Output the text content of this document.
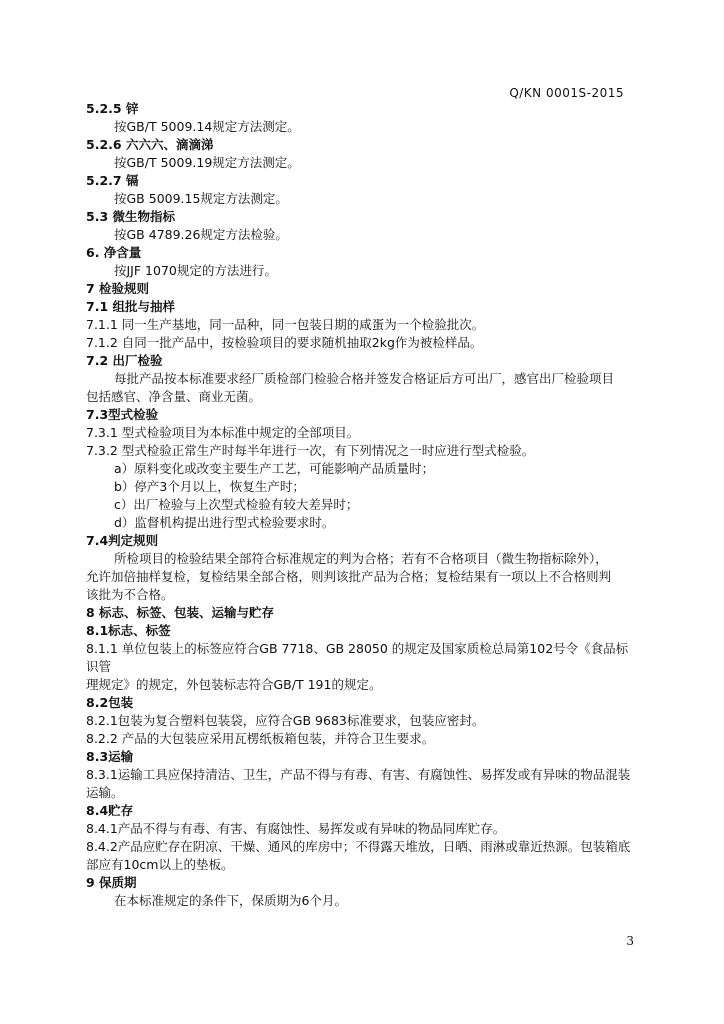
Q/KN 0001S-2015
5.2.5 锌
按GB/T 5009.14规定方法测定。
5.2.6 六六六、滴滴涕
按GB/T 5009.19规定方法测定。
5.2.7 镉
按GB 5009.15规定方法测定。
5.3 微生物指标
按GB 4789.26规定方法检验。
6. 净含量
按JJF 1070规定的方法进行。
7 检验规则
7.1 组批与抽样
7.1.1 同一生产基地，同一品种，同一包装日期的咸蛋为一个检验批次。
7.1.2 自同一批产品中，按检验项目的要求随机抽取2kg作为被检样品。
7.2 出厂检验
每批产品按本标准要求经厂质检部门检验合格并签发合格证后方可出厂，感官出厂检验项目
包括感官、净含量、商业无菌。
7.3型式检验
7.3.1 型式检验项目为本标准中规定的全部项目。
7.3.2 型式检验正常生产时每半年进行一次，有下列情况之一时应进行型式检验。
a）原料变化或改变主要生产工艺，可能影响产品质量时；
b）停产3个月以上，恢复生产时；
c）出厂检验与上次型式检验有较大差异时；
d）监督机构提出进行型式检验要求时。
7.4判定规则
所检项目的检验结果全部符合标准规定的判为合格；若有不合格项目（微生物指标除外），
允许加倍抽样复检，复检结果全部合格，则判该批产品为合格；复检结果有一项以上不合格则判
该批为不合格。
8 标志、标签、包装、运输与贮存
8.1标志、标签
8.1.1 单位包装上的标签应符合GB 7718、GB 28050 的规定及国家质检总局第102号令《食品标识管
理规定》的规定，外包装标志符合GB/T 191的规定。
8.2包装
8.2.1包装为复合塑料包装袋，应符合GB 9683标准要求，包装应密封。
8.2.2 产品的大包装应采用瓦楞纸板箱包装，并符合卫生要求。
8.3运输
8.3.1运输工具应保持清洁、卫生，产品不得与有毒、有害、有腐蚀性、易挥发或有异味的物品混装
运输。
8.4贮存
8.4.1产品不得与有毒、有害、有腐蚀性、易挥发或有异味的物品同库贮存。
8.4.2产品应贮存在阴凉、干燥、通风的库房中；不得露天堆放，日晒、雨淋或靠近热源。包装箱底
部应有10cm以上的垫板。
9 保质期
在本标准规定的条件下，保质期为6个月。
3
